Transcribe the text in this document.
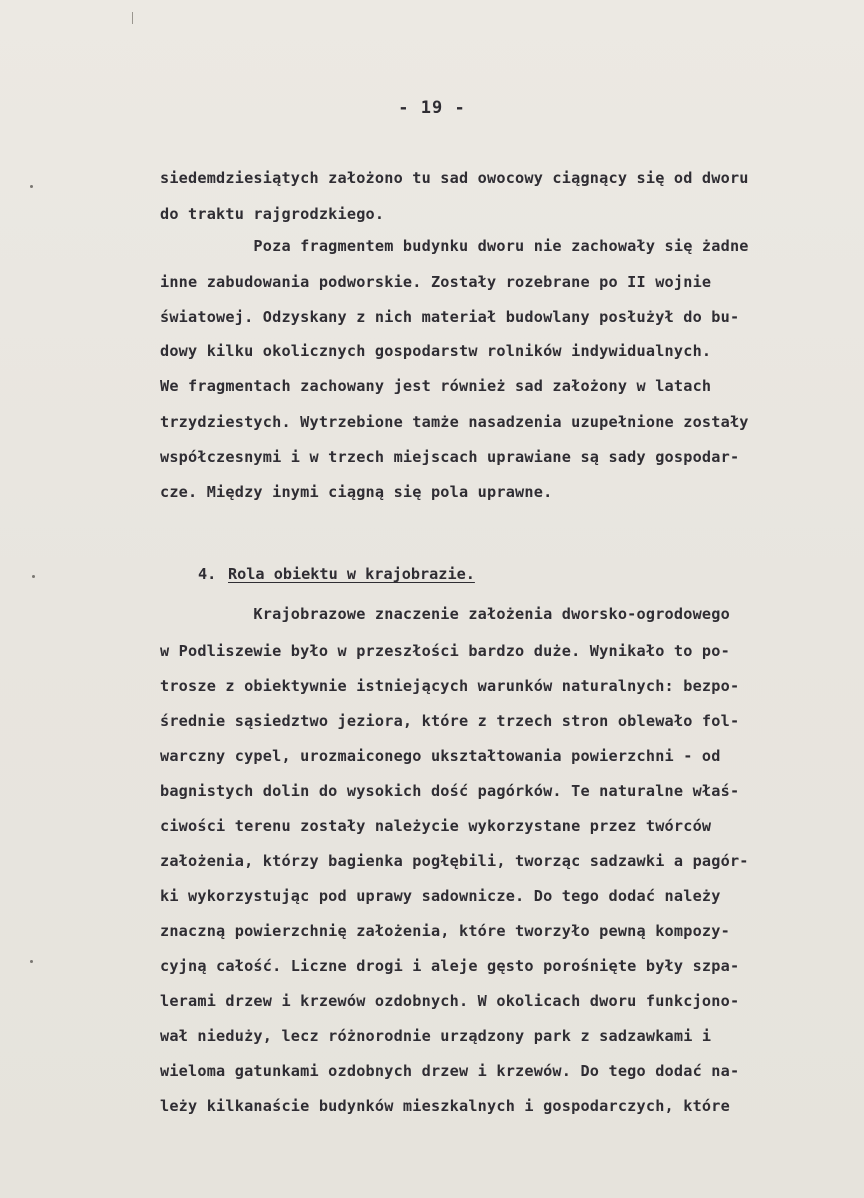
- 19 -
siedemdziesiątych założono tu sad owocowy ciągnący się od dworu
do traktu rajgrodzkiego.
Poza fragmentem budynku dworu nie zachowały się żadne
inne zabudowania podworskie. Zostały rozebrane po II wojnie
światowej. Odzyskany z nich materiał budowlany posłużył do bu-
dowy kilku okolicznych gospodarstw rolników indywidualnych.
We fragmentach zachowany jest również sad założony w latach
trzydziestych. Wytrzebione tamże nasadzenia uzupełnione zostały
współczesnymi i w trzech miejscach uprawiane są sady gospodar-
cze. Między inymi ciągną się pola uprawne.
4. Rola obiektu w krajobrazie.
Krajobrazowe znaczenie założenia dworsko-ogrodowego
w Podliszewie było w przeszłości bardzo duże. Wynikało to po-
trosze z obiektywnie istniejących warunków naturalnych: bezpo-
średnie sąsiedztwo jeziora, które z trzech stron oblewało fol-
warczny cypel, urozmaiconego ukształtowania powierzchni - od
bagnistych dolin do wysokich dość pagórków. Te naturalne właś-
ciwości terenu zostały należycie wykorzystane przez twórców
założenia, którzy bagienka pogłębili, tworząc sadzawki a pagór-
ki wykorzystując pod uprawy sadownicze. Do tego dodać należy
znaczną powierzchnię założenia, które tworzyło pewną kompozy-
cyjną całość. Liczne drogi i aleje gęsto porośnięte były szpa-
lerami drzew i krzewów ozdobnych. W okolicach dworu funkcjono-
wał nieduży, lecz różnorodnie urządzony park z sadzawkami i
wieloma gatunkami ozdobnych drzew i krzewów. Do tego dodać na-
leży kilkanaście budynków mieszkalnych i gospodarczych, które
